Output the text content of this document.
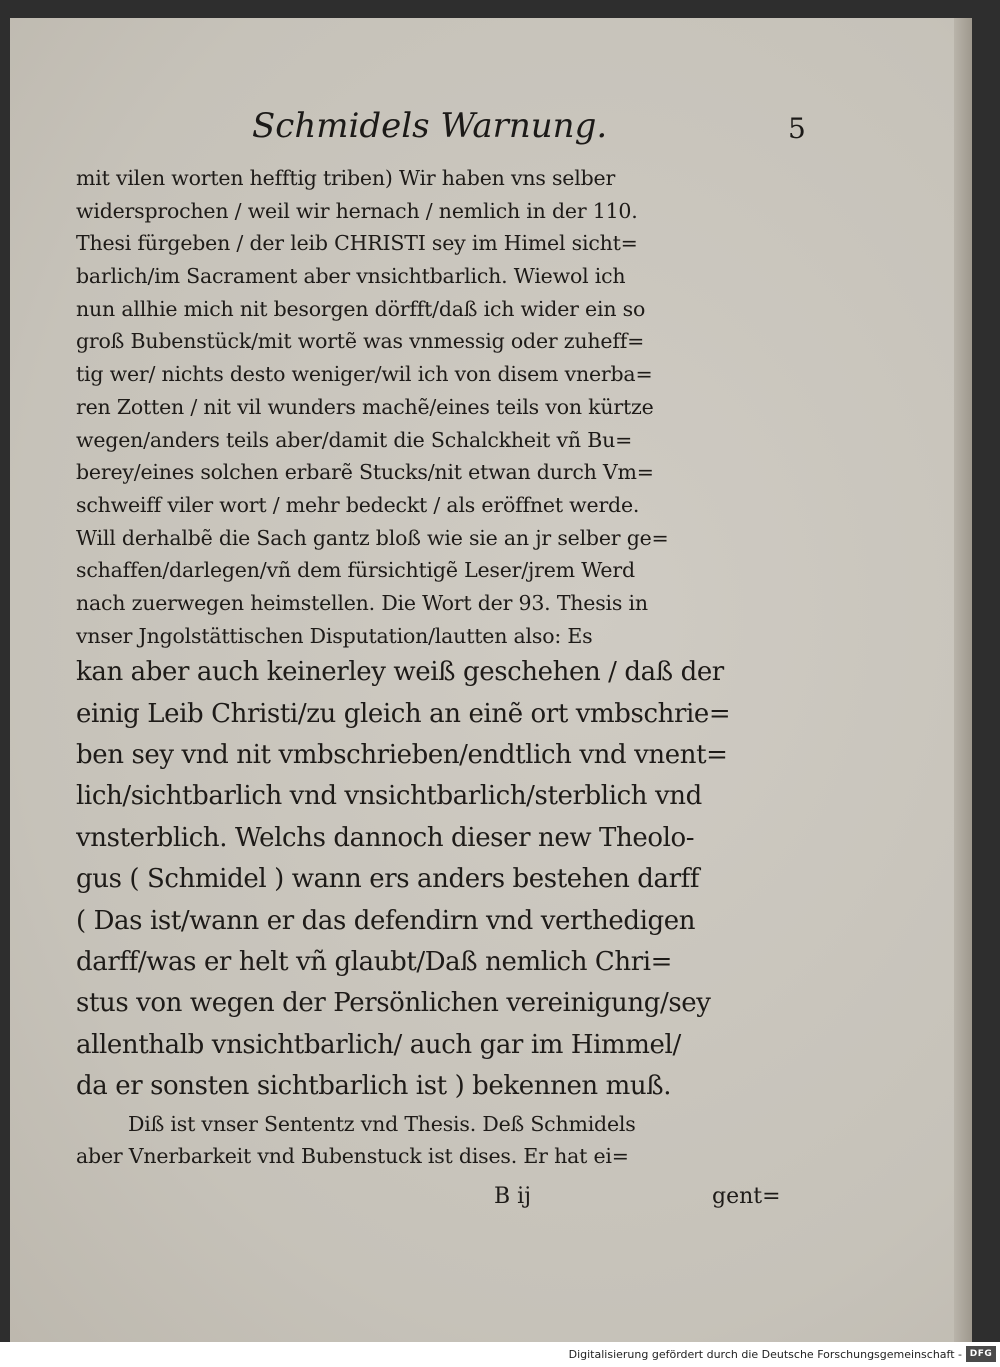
Schmidels Warnung.	5
mit vilen worten hefftig triben) Wir haben vns selber
widersprochen / weil wir hernach / nemlich in der 110.
Thesi fürgeben / der leib CHRISTI sey im Himel sicht=
barlich/im Sacrament aber vnsichtbarlich. Wiewol ich
nun allhie mich nit besorgen dörfft/daß ich wider ein so
groß Bubenstück/mit wortẽ was vnmessig oder zuheff=
tig wer/ nichts desto weniger/wil ich von disem vnerba=
ren Zotten / nit vil wunders machẽ/eines teils von kürtze
wegen/anders teils aber/damit die Schalckheit vñ Bu=
berey/eines solchen erbarẽ Stucks/nit etwan durch Vm=
schweiff viler wort / mehr bedeckt / als eröffnet werde.
Will derhalbẽ die Sach gantz bloß wie sie an jr selber ge=
schaffen/darlegen/vñ dem fürsichtigẽ Leser/jrem Werd
nach zuerwegen heimstellen. Die Wort der 93. Thesis in
vnser Jngolstättischen Disputation/lautten also: Es
kan aber auch keinerley weiß geschehen / daß der
einig Leib Christi/zu gleich an einẽ ort vmbschrie=
ben sey vnd nit vmbschrieben/endtlich vnd vnent=
lich/sichtbarlich vnd vnsichtbarlich/sterblich vnd
vnsterblich. Welchs dannoch dieser new Theolo-
gus ( Schmidel ) wann ers anders bestehen darff
( Das ist/wann er das defendirn vnd verthedigen
darff/was er helt vñ glaubt/Daß nemlich Chri=
stus von wegen der Persönlichen vereinigung/sey
allenthalb vnsichtbarlich/ auch gar im Himmel/
da er sonsten sichtbarlich ist ) bekennen muß.
Diß ist vnser Sententz vnd Thesis. Deß Schmidels
aber Vnerbarkeit vnd Bubenstuck ist dises. Er hat ei=
B ij	gent=
Digitalisierung gefördert durch die Deutsche Forschungsgemeinschaft - DFG
